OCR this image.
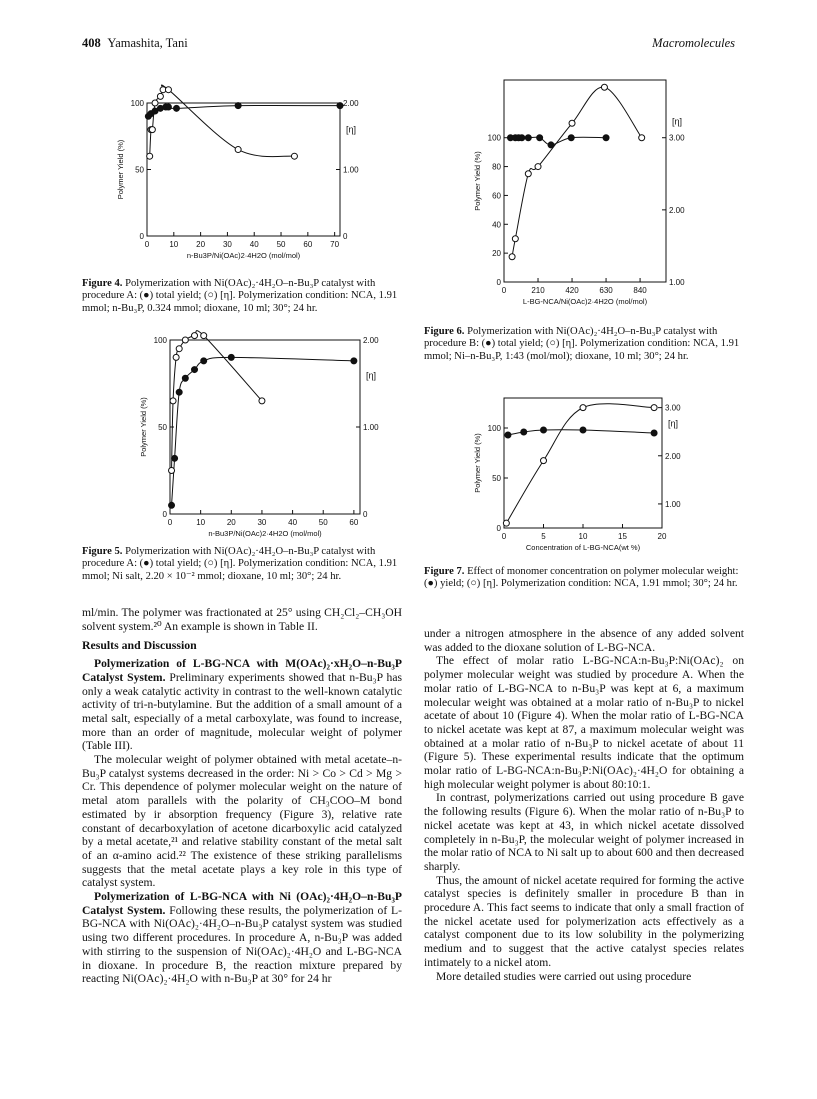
408 Yamashita, Tani	Macromolecules
0	10 20 30 40 50 60 70
0
50
100
0
1.00
2.00
n-Bu3P/Ni(OAc)2·4H2O (mol/mol)
Polymer Yield (%)
[η]
Figure 4. Polymerization with Ni(OAc)₂·4H₂O–n-Bu₃P catalyst with procedure A: (●) total yield; (○) [η]. Polymerization condition: NCA, 1.91 mmol; n-Bu₃P, 0.324 mmol; dioxane, 10 ml; 30°; 24 hr.
0	10	20	30	40	50	60
0
50
100
0
1.00
2.00
n-Bu3P/Ni(OAc)2·4H2O (mol/mol)
Polymer Yield (%)
[η]
Figure 5. Polymerization with Ni(OAc)₂·4H₂O–n-Bu₃P catalyst with procedure A: (●) total yield; (○) [η]. Polymerization condition: NCA, 1.91 mmol; Ni salt, 2.20 × 10⁻² mmol; dioxane, 10 ml; 30°; 24 hr.
0	210	420	630	840
0
20
40
60
80
100
1.00
2.00
3.00
L-BG-NCA/Ni(OAc)2·4H2O (mol/mol)
Polymer Yield (%)
[η]
Figure 6. Polymerization with Ni(OAc)₂·4H₂O–n-Bu₃P catalyst with procedure B: (●) total yield; (○) [η]. Polymerization condition: NCA, 1.91 mmol; Ni–n-Bu₃P, 1:43 (mol/mol); dioxane, 10 ml; 30°; 24 hr.
0	5	10	15	20
0
50
100
1.00
2.00
3.00
Concentration of L-BG-NCA(wt %)
Polymer Yield (%)
[η]
Figure 7. Effect of monomer concentration on polymer molecular weight: (●) yield; (○) [η]. Polymerization condition: NCA, 1.91 mmol; 30°; 24 hr.

ml/min. The polymer was fractionated at 25° using CH₂Cl₂–CH₃OH solvent system.²⁰ An example is shown in Table II.

Results and Discussion

Polymerization of L-BG-NCA with M(OAc)₂·xH₂O–n-Bu₃P Catalyst System. Preliminary experiments showed that n-Bu₃P has only a weak catalytic activity in contrast to the well-known catalytic activity of tri-n-butylamine. But the addition of a small amount of a metal salt, especially of a metal carboxylate, was found to increase, more than an order of magnitude, molecular weight of polymer (Table III).

The molecular weight of polymer obtained with metal acetate–n-Bu₃P catalyst systems decreased in the order: Ni > Co > Cd > Mg > Cr. This dependence of polymer molecular weight on the nature of metal atom parallels with the polarity of CH₃COO–M bond estimated by ir absorption frequency (Figure 3), relative rate constant of decarboxylation of acetone dicarboxylic acid catalyzed by a metal acetate,²¹ and relative stability constant of the metal salt of an α-amino acid.²² The existence of these striking parallelisms suggests that the metal acetate plays a key role in this type of catalyst system.

Polymerization of L-BG-NCA with Ni (OAc)₂·4H₂O–n-Bu₃P Catalyst System. Following these results, the polymerization of L-BG-NCA with Ni(OAc)₂·4H₂O–n-Bu₃P catalyst system was studied using two different procedures. In procedure A, n-Bu₃P was added with stirring to the suspension of Ni(OAc)₂·4H₂O and L-BG-NCA in dioxane. In procedure B, the reaction mixture prepared by reacting Ni(OAc)₂·4H₂O with n-Bu₃P at 30° for 24 hr

under a nitrogen atmosphere in the absence of any added solvent was added to the dioxane solution of L-BG-NCA.

The effect of molar ratio L-BG-NCA:n-Bu₃P:Ni(OAc)₂ on polymer molecular weight was studied by procedure A. When the molar ratio of L-BG-NCA to n-Bu₃P was kept at 6, a maximum molecular weight was obtained at a molar ratio of n-Bu₃P to nickel acetate of about 10 (Figure 4). When the molar ratio of L-BG-NCA to nickel acetate was kept at 87, a maximum molecular weight was obtained at a molar ratio of n-Bu₃P to nickel acetate of about 11 (Figure 5). These experimental results indicate that the optimum molar ratio of L-BG-NCA:n-Bu₃P:Ni(OAc)₂·4H₂O for obtaining a high molecular weight polymer is about 80:10:1.

In contrast, polymerizations carried out using procedure B gave the following results (Figure 6). When the molar ratio of n-Bu₃P to nickel acetate was kept at 43, in which nickel acetate dissolved completely in n-Bu₃P, the molecular weight of polymer increased in the molar ratio of NCA to Ni salt up to about 600 and then decreased sharply.

Thus, the amount of nickel acetate required for forming the active catalyst species is definitely smaller in procedure B than in procedure A. This fact seems to indicate that only a small fraction of the nickel acetate used for polymerization acts effectively as a catalyst component due to its low solubility in the polymerizing medium and to suggest that the active catalyst species relates intimately to a nickel atom.

More detailed studies were carried out using procedure
